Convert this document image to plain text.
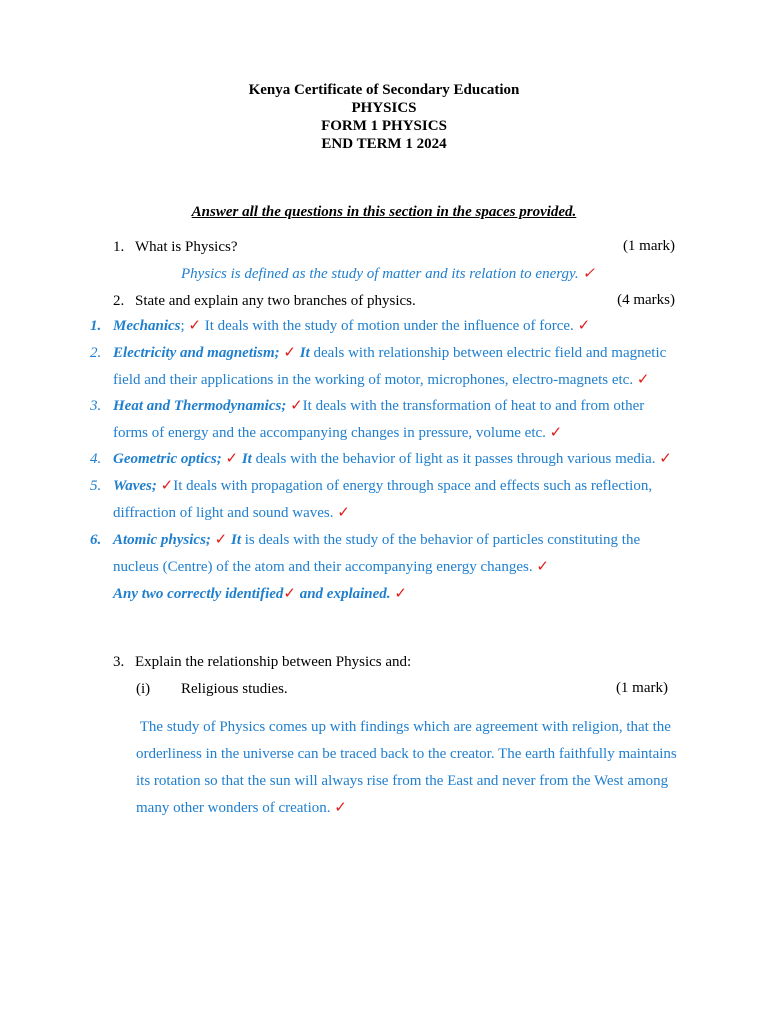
Kenya Certificate of Secondary Education
PHYSICS
FORM 1 PHYSICS
END TERM 1 2024
Answer all the questions in this section in the spaces provided.
1. What is Physics?	(1 mark)
Physics is defined as the study of matter and its relation to energy. ✓
2. State and explain any two branches of physics.	(4 marks)
1. Mechanics; ✓ It deals with the study of motion under the influence of force. ✓
2. Electricity and magnetism; ✓ It deals with relationship between electric field and magnetic field and their applications in the working of motor, microphones, electro-magnets etc. ✓
3. Heat and Thermodynamics; ✓It deals with the transformation of heat to and from other forms of energy and the accompanying changes in pressure, volume etc. ✓
4. Geometric optics; ✓ It deals with the behavior of light as it passes through various media. ✓
5. Waves; ✓It deals with propagation of energy through space and effects such as reflection, diffraction of light and sound waves. ✓
6. Atomic physics; ✓ It is deals with the study of the behavior of particles constituting the nucleus (Centre) of the atom and their accompanying energy changes. ✓
Any two correctly identified✓ and explained. ✓
3. Explain the relationship between Physics and:
(i) Religious studies.	(1 mark)
The study of Physics comes up with findings which are agreement with religion, that the orderliness in the universe can be traced back to the creator. The earth faithfully maintains its rotation so that the sun will always rise from the East and never from the West among many other wonders of creation. ✓
